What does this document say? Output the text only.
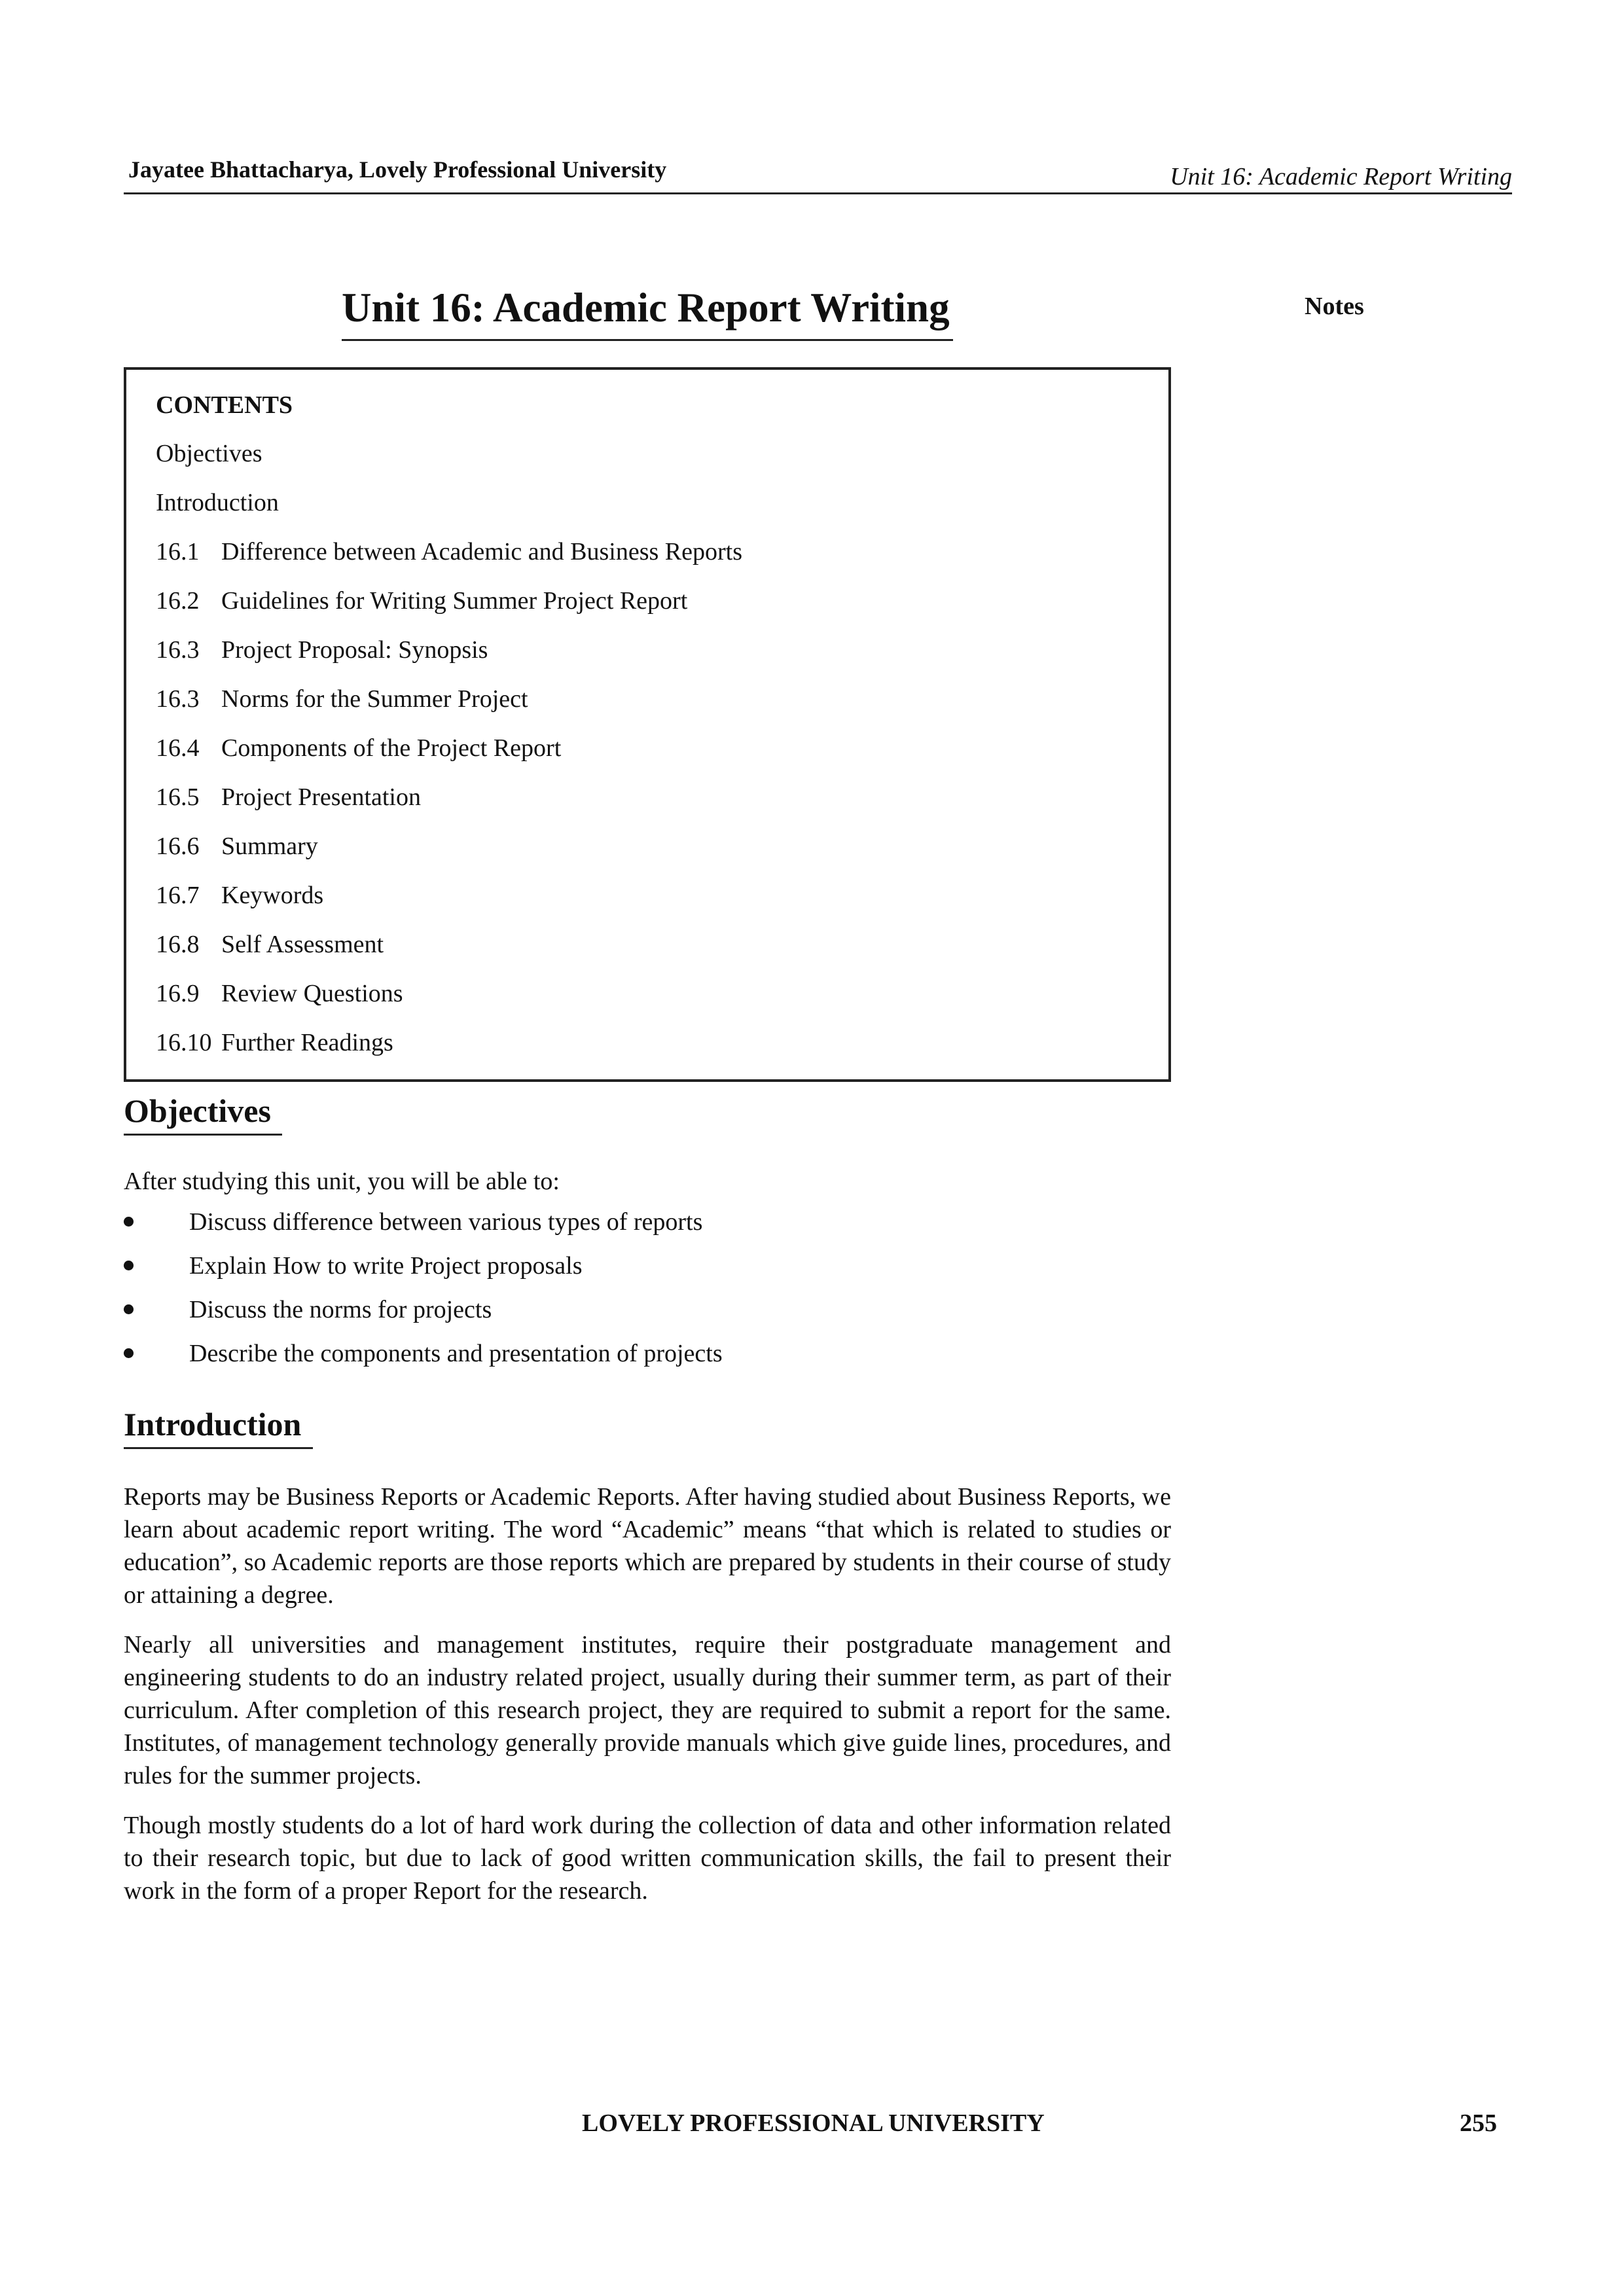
Jayatee Bhattacharya, Lovely Professional University	Unit 16: Academic Report Writing
Unit 16: Academic Report Writing	Notes
CONTENTS
Objectives
Introduction
16.1 Difference between Academic and Business Reports
16.2 Guidelines for Writing Summer Project Report
16.3 Project Proposal: Synopsis
16.3 Norms for the Summer Project
16.4 Components of the Project Report
16.5 Project Presentation
16.6 Summary
16.7 Keywords
16.8 Self Assessment
16.9 Review Questions
16.10 Further Readings
Objectives
After studying this unit, you will be able to:
Discuss difference between various types of reports
Explain How to write Project proposals
Discuss the norms for projects
Describe the components and presentation of projects
Introduction
Reports may be Business Reports or Academic Reports. After having studied about Business Reports, we learn about academic report writing. The word “Academic” means “that which is related to studies or education”, so Academic reports are those reports which are prepared by students in their course of study or attaining a degree.
Nearly all universities and management institutes, require their postgraduate management and engineering students to do an industry related project, usually during their summer term, as part of their curriculum. After completion of this research project, they are required to submit a report for the same. Institutes, of management technology generally provide manuals which give guide lines, procedures, and rules for the summer projects.
Though mostly students do a lot of hard work during the collection of data and other information related to their research topic, but due to lack of good written communication skills, the fail to present their work in the form of a proper Report for the research.
LOVELY PROFESSIONAL UNIVERSITY	255
